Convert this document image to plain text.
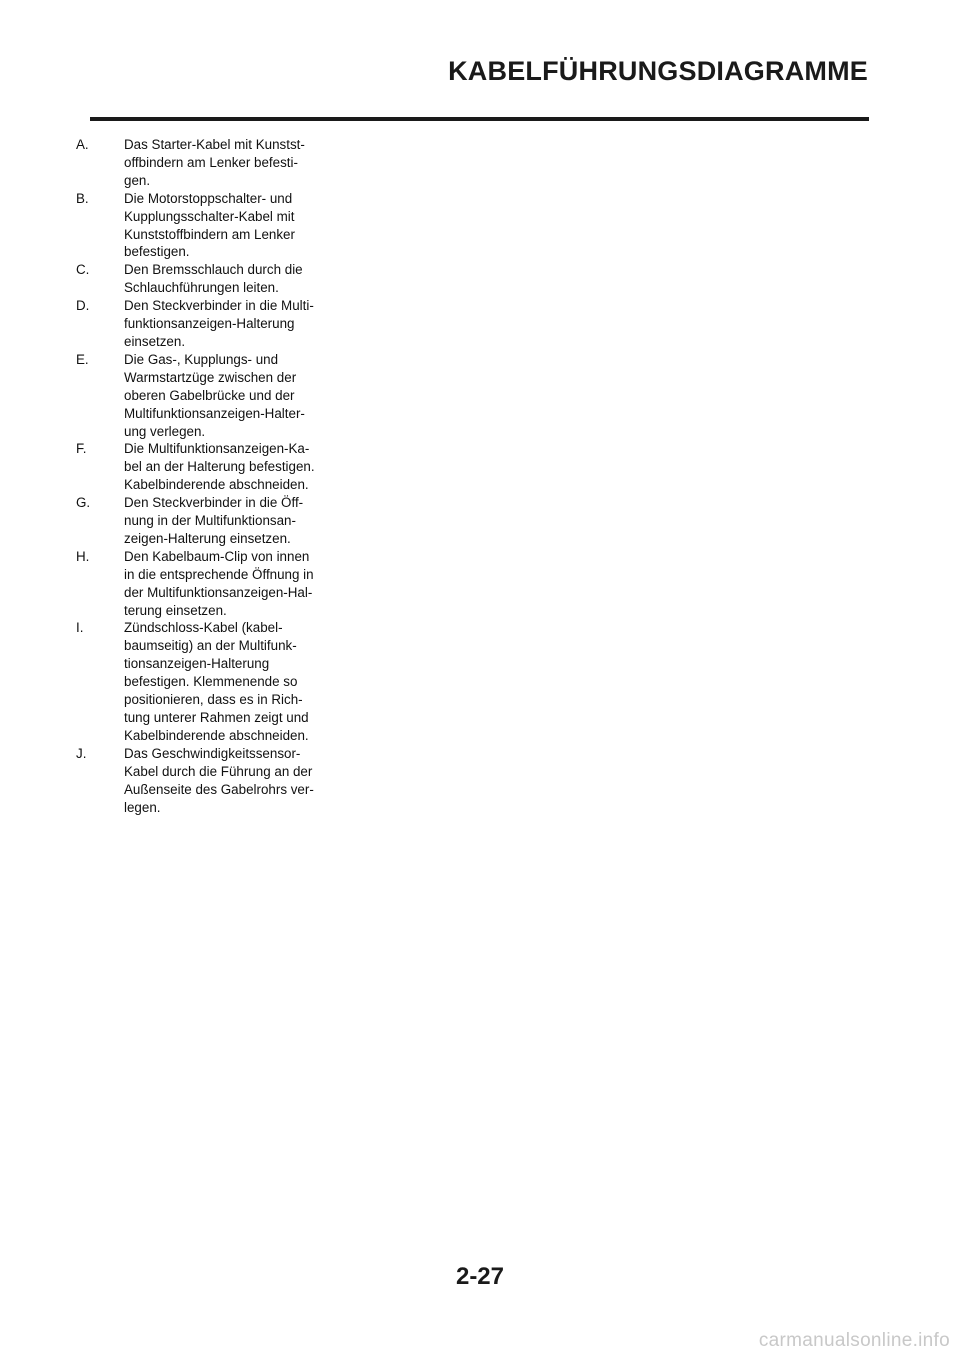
KABELFÜHRUNGSDIAGRAMME
A.	Das Starter-Kabel mit Kunstst-
offbindern am Lenker befesti-
gen.
B.	Die Motorstoppschalter- und
Kupplungsschalter-Kabel mit
Kunststoffbindern am Lenker
befestigen.
C.	Den Bremsschlauch durch die
Schlauchführungen leiten.
D.	Den Steckverbinder in die Multi-
funktionsanzeigen-Halterung
einsetzen.
E.	Die Gas-, Kupplungs- und
Warmstartzüge zwischen der
oberen Gabelbrücke und der
Multifunktionsanzeigen-Halter-
ung verlegen.
F.	Die Multifunktionsanzeigen-Ka-
bel an der Halterung befestigen.
Kabelbinderende abschneiden.
G.	Den Steckverbinder in die Öff-
nung in der Multifunktionsan-
zeigen-Halterung einsetzen.
H.	Den Kabelbaum-Clip von innen
in die entsprechende Öffnung in
der Multifunktionsanzeigen-Hal-
terung einsetzen.
I.	Zündschloss-Kabel (kabel-
baumseitig) an der Multifunk-
tionsanzeigen-Halterung
befestigen. Klemmenende so
positionieren, dass es in Rich-
tung unterer Rahmen zeigt und
Kabelbinderende abschneiden.
J.	Das Geschwindigkeitssensor-
Kabel durch die Führung an der
Außenseite des Gabelrohrs ver-
legen.
2-27
carmanualsonline.info
